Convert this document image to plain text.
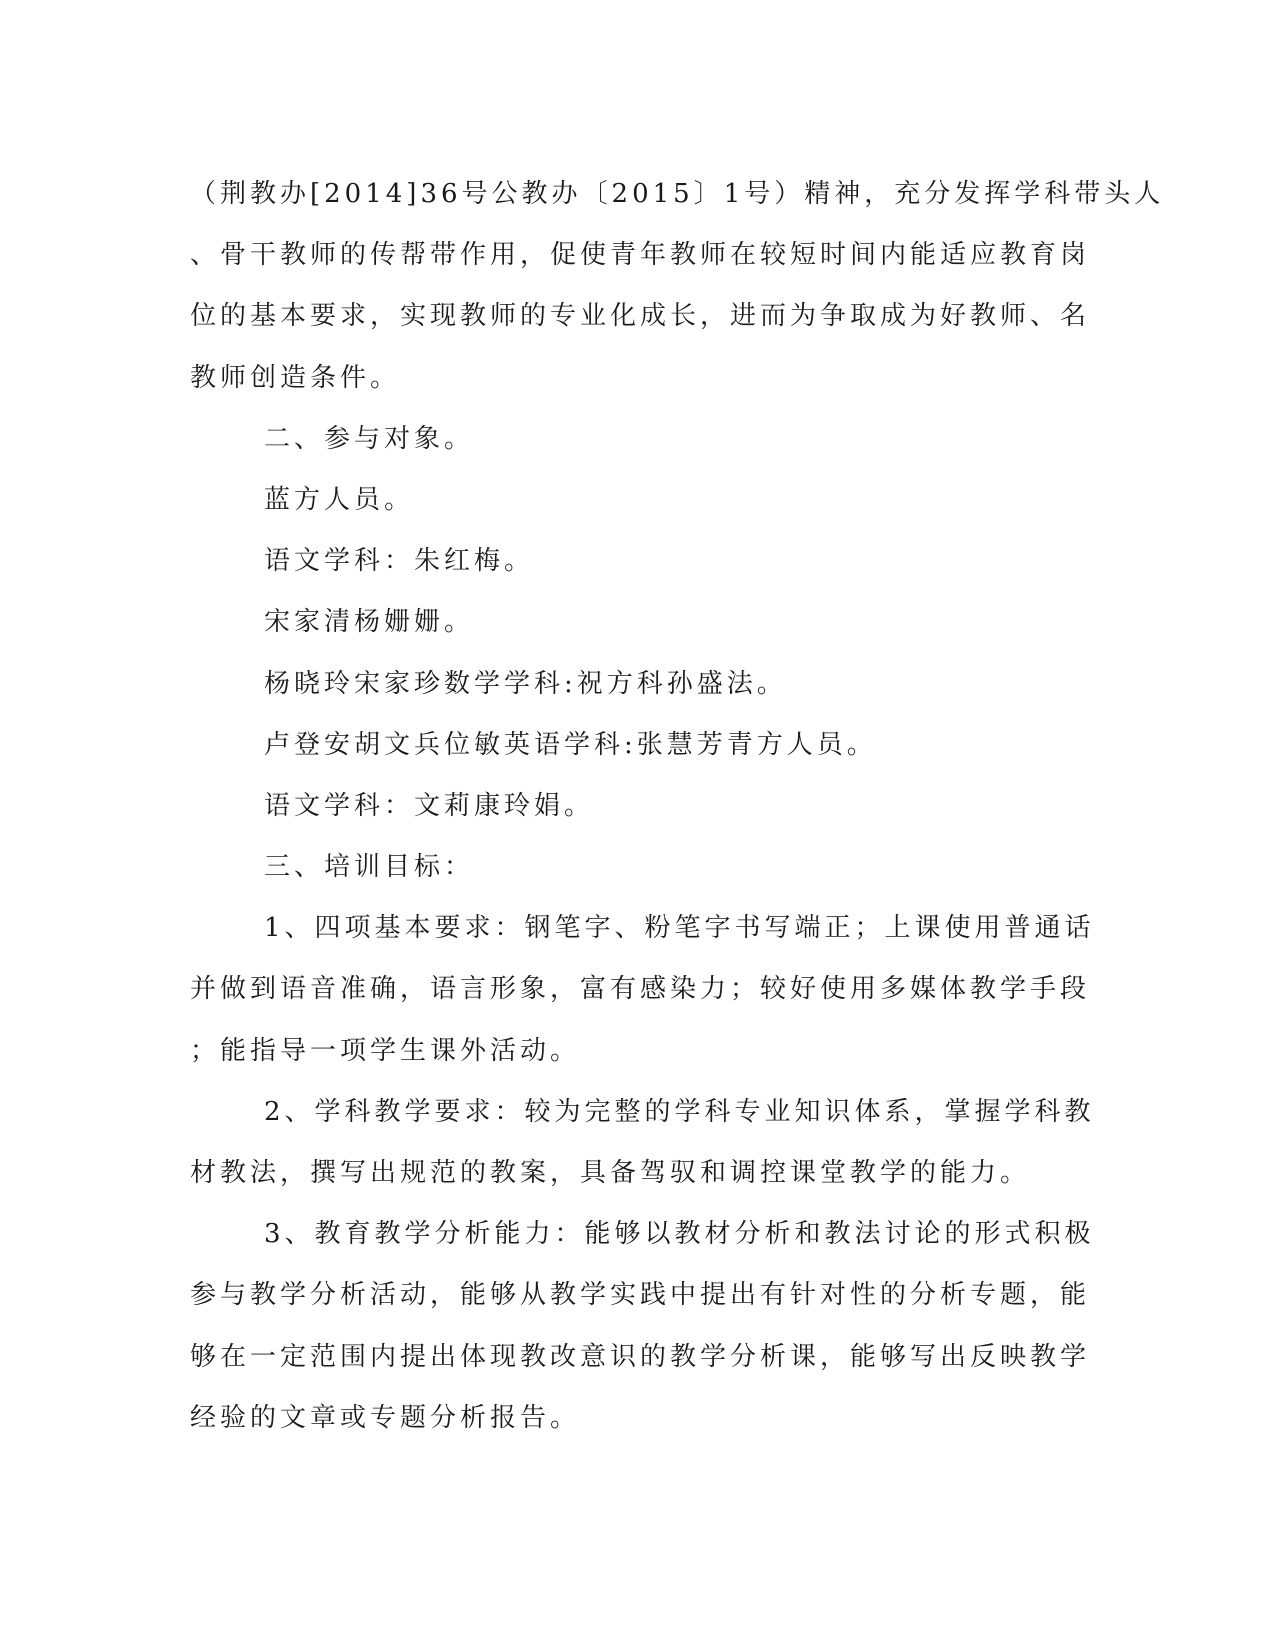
（荆教办[2014]36号公教办〔2015〕1号）精神，充分发挥学科带头人
、骨干教师的传帮带作用，促使青年教师在较短时间内能适应教育岗
位的基本要求，实现教师的专业化成长，进而为争取成为好教师、名
教师创造条件。
二、参与对象。
蓝方人员。
语文学科：朱红梅。
宋家清杨姗姗。
杨晓玲宋家珍数学学科:祝方科孙盛法。
卢登安胡文兵位敏英语学科:张慧芳青方人员。
语文学科：文莉康玲娟。
三、培训目标：
1、四项基本要求：钢笔字、粉笔字书写端正；上课使用普通话
并做到语音准确，语言形象，富有感染力；较好使用多媒体教学手段
；能指导一项学生课外活动。
2、学科教学要求：较为完整的学科专业知识体系，掌握学科教
材教法，撰写出规范的教案，具备驾驭和调控课堂教学的能力。
3、教育教学分析能力：能够以教材分析和教法讨论的形式积极
参与教学分析活动，能够从教学实践中提出有针对性的分析专题，能
够在一定范围内提出体现教改意识的教学分析课，能够写出反映教学
经验的文章或专题分析报告。
